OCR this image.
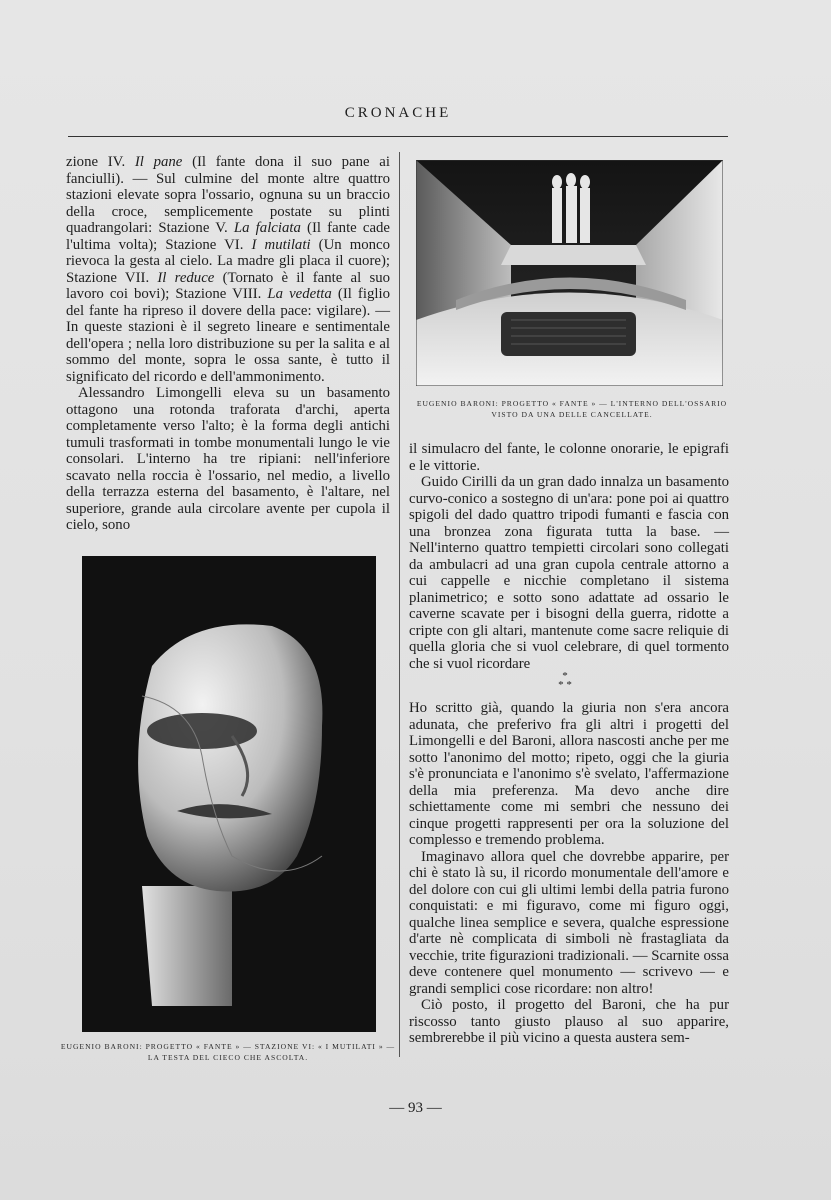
CRONACHE

zione IV. Il pane (Il fante dona il suo pane ai fanciulli). — Sul culmine del monte altre quattro stazioni elevate sopra l'ossario, ognuna su un braccio della croce, semplicemente postate su plinti quadrangolari: Stazione V. La falciata (Il fante cade l'ultima volta); Stazione VI. I mutilati (Un monco rievoca la gesta al cielo. La madre gli placa il cuore); Stazione VII. Il reduce (Tornato è il fante al suo lavoro coi bovi); Stazione VIII. La vedetta (Il figlio del fante ha ripreso il dovere della pace: vigilare). — In queste stazioni è il segreto lineare e sentimentale dell'opera ; nella loro distribuzione su per la salita e al sommo del monte, sopra le ossa sante, è tutto il significato del ricordo e dell'ammonimento.

Alessandro Limongelli eleva su un basamento ottagono una rotonda traforata d'archi, aperta completamente verso l'alto; è la forma degli antichi tumuli trasformati in tombe monumentali lungo le vie consolari. L'interno ha tre ripiani: nell'inferiore scavato nella roccia è l'ossario, nel medio, a livello della terrazza esterna del basamento, è l'altare, nel superiore, grande aula circolare avente per cupola il cielo, sono

EUGENIO BARONI: PROGETTO « FANTE » — L'INTERNO DELL'OSSARIO VISTO DA UNA DELLE CANCELLATE.
EUGENIO BARONI: PROGETTO « FANTE » — STAZIONE VI: « I MUTILATI » — LA TESTA DEL CIECO CHE ASCOLTA.

il simulacro del fante, le colonne onorarie, le epigrafi e le vittorie.

Guido Cirilli da un gran dado innalza un basamento curvo-conico a sostegno di un'ara: pone poi ai quattro spigoli del dado quattro tripodi fumanti e fascia con una bronzea zona figurata tutta la base. — Nell'interno quattro tempietti circolari sono collegati da ambulacri ad una gran cupola centrale attorno a cui cappelle e nicchie completano il sistema planimetrico; e sotto sono adattate ad ossario le caverne scavate per i bisogni della guerra, ridotte a cripte con gli altari, mantenute come sacre reliquie di quella gloria che si vuol celebrare, di quel tormento che si vuol ricordare

*
* *

Ho scritto già, quando la giuria non s'era ancora adunata, che preferivo fra gli altri i progetti del Limongelli e del Baroni, allora nascosti anche per me sotto l'anonimo del motto; ripeto, oggi che la giuria s'è pronunciata e l'anonimo s'è svelato, l'affermazione della mia preferenza. Ma devo anche dire schiettamente come mi sembri che nessuno dei cinque progetti rappresenti per ora la soluzione del complesso e tremendo problema.

Imaginavo allora quel che dovrebbe apparire, per chi è stato là su, il ricordo monumentale dell'amore e del dolore con cui gli ultimi lembi della patria furono conquistati: e mi figuravo, come mi figuro oggi, qualche linea semplice e severa, qualche espressione d'arte nè complicata di simboli nè frastagliata da vecchie, trite figurazioni tradizionali. — Scarnite ossa deve contenere quel monumento — scrivevo — e grandi semplici cose ricordare: non altro!

Ciò posto, il progetto del Baroni, che ha pur riscosso tanto giusto plauso al suo apparire, sembrerebbe il più vicino a questa austera sem-

— 93 —
